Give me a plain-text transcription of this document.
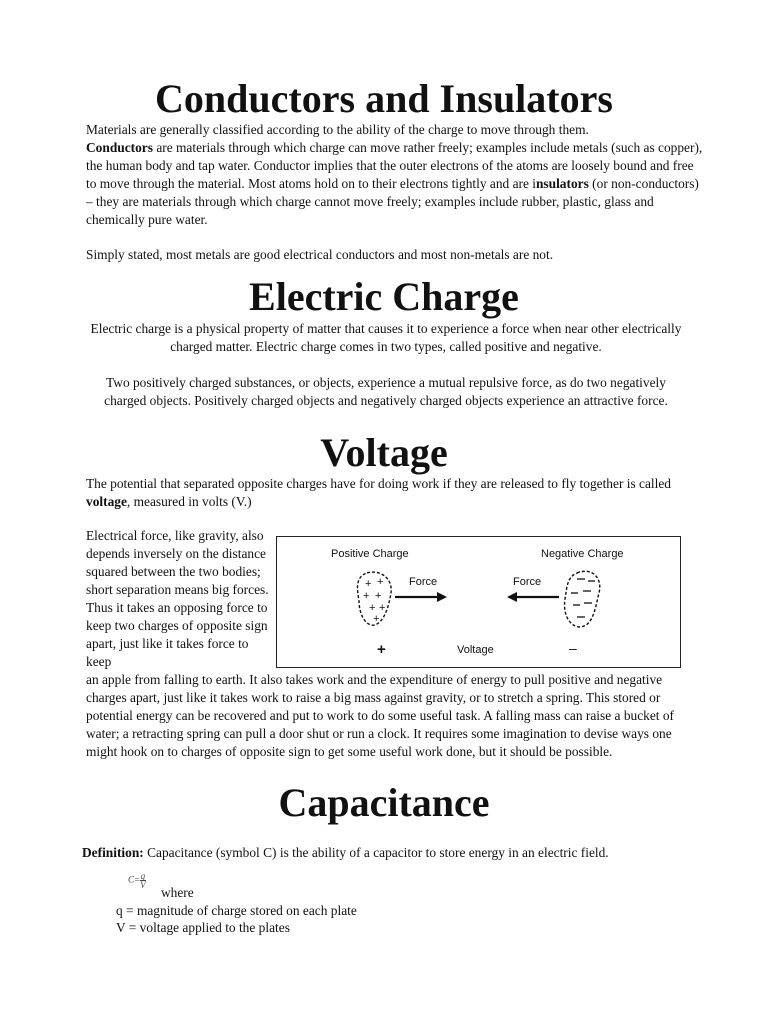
Conductors and Insulators

Materials are generally classified according to the ability of the charge to move through them.
Conductors are materials through which charge can move rather freely; examples include metals (such as copper), the human body and tap water. Conductor implies that the outer electrons of the atoms are loosely bound and free to move through the material. Most atoms hold on to their electrons tightly and are insulators (or non-conductors) – they are materials through which charge cannot move freely; examples include rubber, plastic, glass and chemically pure water.

Simply stated, most metals are good electrical conductors and most non-metals are not.

Electric Charge

Electric charge is a physical property of matter that causes it to experience a force when near other electrically charged matter. Electric charge comes in two types, called positive and negative.

Two positively charged substances, or objects, experience a mutual repulsive force, as do two negatively charged objects. Positively charged objects and negatively charged objects experience an attractive force.

Voltage

The potential that separated opposite charges have for doing work if they are released to fly together is called voltage, measured in volts (V.)

Electrical force, like gravity, also depends inversely on the distance squared between the two bodies; short separation means big forces. Thus it takes an opposing force to keep two charges of opposite sign apart, just like it takes force to keep

Positive Charge	Negative Charge
+ +
+ +
+ +
+
Force	Force
+	Voltage	–

an apple from falling to earth. It also takes work and the expenditure of energy to pull positive and negative charges apart, just like it takes work to raise a big mass against gravity, or to stretch a spring. This stored or potential energy can be recovered and put to work to do some useful task. A falling mass can raise a bucket of water; a retracting spring can pull a door shut or run a clock. It requires some imagination to devise ways one might hook on to charges of opposite sign to get some useful work done, but it should be possible.

Capacitance

Definition: Capacitance (symbol C) is the ability of a capacitor to store energy in an electric field.

$C= \frac{q}{V}$

where

q = magnitude of charge stored on each plate

V = voltage applied to the plates
